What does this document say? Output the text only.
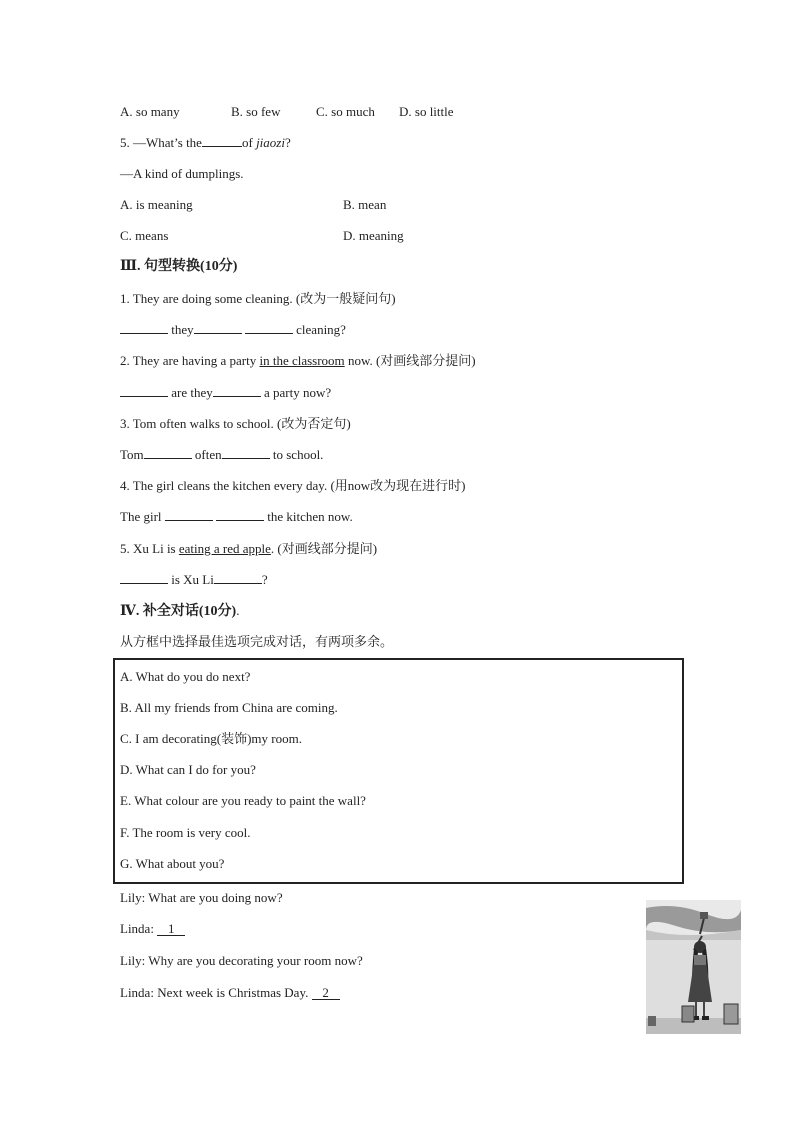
A. so many	B. so few	C. so much D. so little
5. —What’s the	of jiaozi?
—A kind of dumplings.
A. is meaning	B. mean
C. means	D. meaning
Ⅲ. 句型转换(10分)
1. They are doing some cleaning. (改为一般疑问句)
they	cleaning?
2. They are having a party in the classroom now. (对画线部分提问)
are they	a party now?
3. Tom often walks to school. (改为否定句)
Tom	often	to school.
4. The girl cleans the kitchen every day. (用now改为现在进行时)
The girl	the kitchen now.
5. Xu Li is eating a red apple. (对画线部分提问)
is Xu Li	?
Ⅳ. 补全对话(10分).
从方框中选择最佳选项完成对话，有两项多余。
A. What do you do next?
B. All my friends from China are coming.
C. I am decorating(装饰)my room.
D. What can I do for you?
E. What colour are you ready to paint the wall?
F. The room is very cool.
G. What about you?
Lily: What are you doing now?
Linda: 1
Lily: Why are you decorating your room now?
Linda: Next week is Christmas Day. 2
